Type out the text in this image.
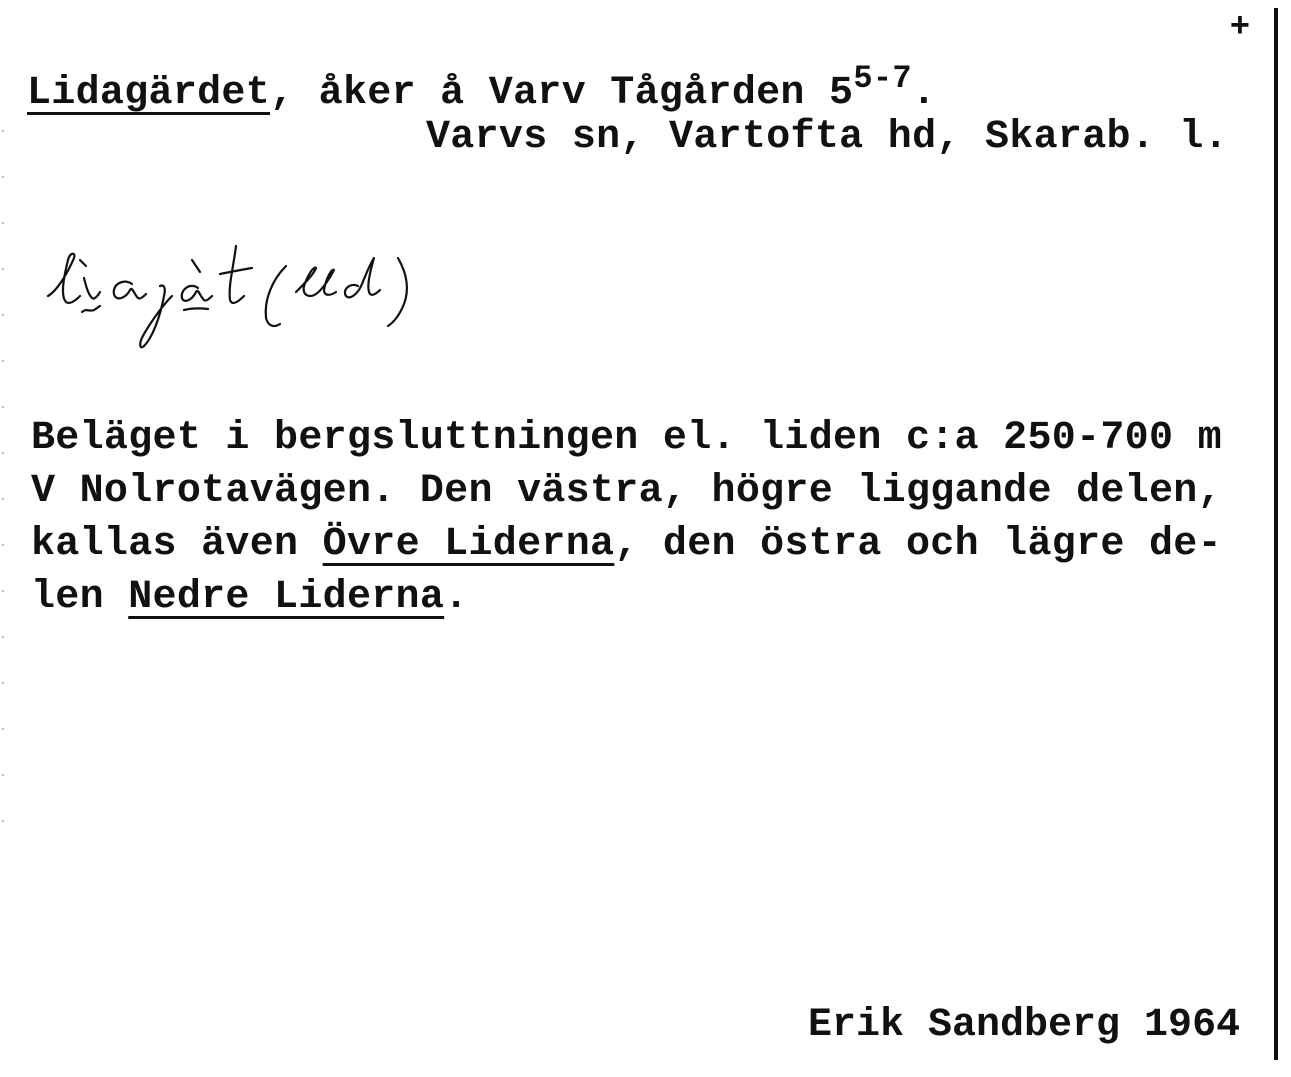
+
Lidagärdet, åker å Varv Tågården 5$^{5-7}$.
Varvs sn, Vartofta hd, Skarab. l.
Beläget i bergsluttningen el. liden c:a 250-700 m
V Nolrotavägen. Den västra, högre liggande delen,
kallas även Övre Liderna, den östra och lägre de-
len Nedre Liderna.
Erik Sandberg 1964
